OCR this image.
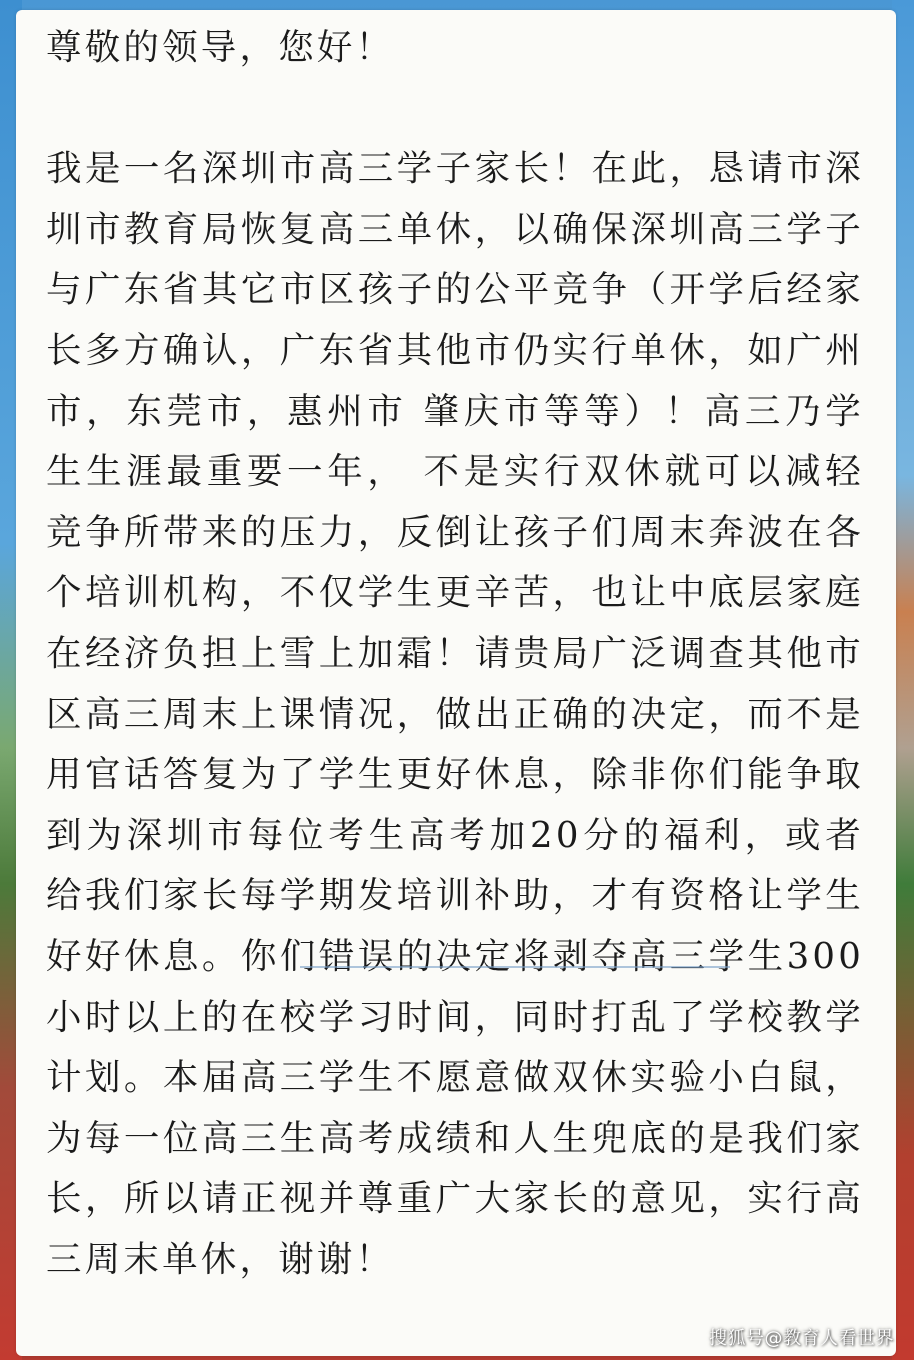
尊敬的领导，您好！

我是一名深圳市高三学子家长！在此，恳请市深圳市教育局恢复高三单休，以确保深圳高三学子与广东省其它市区孩子的公平竞争（开学后经家长多方确认，广东省其他市仍实行单休，如广州市，东莞市，惠州市 肇庆市等等）！高三乃学生生涯最重要一年， 不是实行双休就可以减轻竞争所带来的压力，反倒让孩子们周末奔波在各个培训机构，不仅学生更辛苦，也让中底层家庭在经济负担上雪上加霜！请贵局广泛调查其他市区高三周末上课情况，做出正确的决定，而不是用官话答复为了学生更好休息，除非你们能争取到为深圳市每位考生高考加20分的福利，或者给我们家长每学期发培训补助，才有资格让学生好好休息。你们错误的决定将剥夺高三学生300小时以上的在校学习时间，同时打乱了学校教学计划。本届高三学生不愿意做双休实验小白鼠，为每一位高三生高考成绩和人生兜底的是我们家长，所以请正视并尊重广大家长的意见，实行高三周末单休，谢谢！

搜狐号@教育人看世界
